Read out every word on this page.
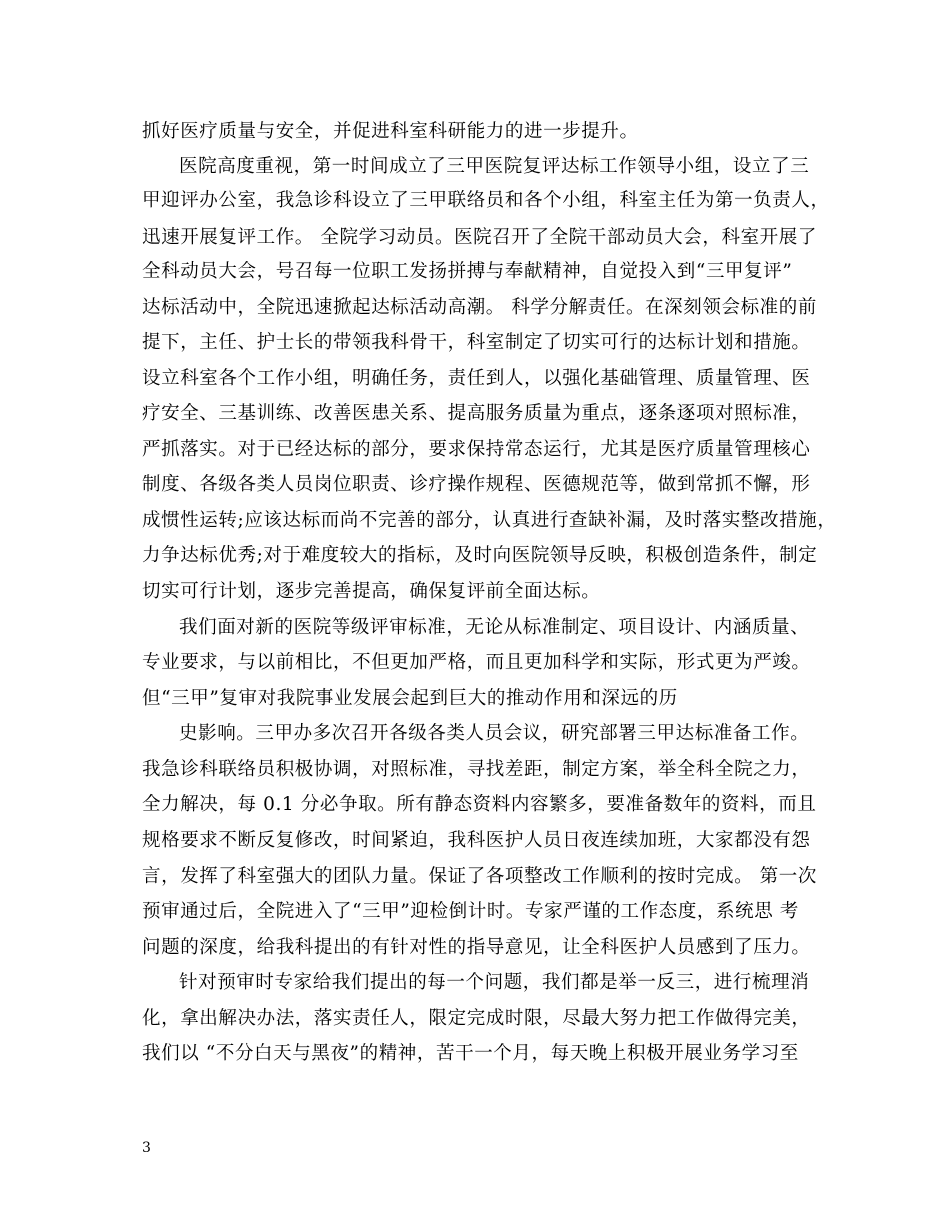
抓好医疗质量与安全，并促进科室科研能力的进一步提升。
医院高度重视，第一时间成立了三甲医院复评达标工作领导小组，设立了三
甲迎评办公室，我急诊科设立了三甲联络员和各个小组，科室主任为第一负责人，
迅速开展复评工作。 全院学习动员。医院召开了全院干部动员大会，科室开展了
全科动员大会，号召每一位职工发扬拼搏与奉献精神，自觉投入到“三甲复评”
达标活动中，全院迅速掀起达标活动高潮。 科学分解责任。在深刻领会标准的前
提下，主任、护士长的带领我科骨干，科室制定了切实可行的达标计划和措施。
设立科室各个工作小组，明确任务，责任到人，以强化基础管理、质量管理、医
疗安全、三基训练、改善医患关系、提高服务质量为重点，逐条逐项对照标准，
严抓落实。对于已经达标的部分，要求保持常态运行，尤其是医疗质量管理核心
制度、各级各类人员岗位职责、诊疗操作规程、医德规范等，做到常抓不懈，形
成惯性运转;应该达标而尚不完善的部分，认真进行查缺补漏，及时落实整改措施，
力争达标优秀;对于难度较大的指标，及时向医院领导反映，积极创造条件，制定
切实可行计划，逐步完善提高，确保复评前全面达标。
我们面对新的医院等级评审标准，无论从标准制定、项目设计、内涵质量、
专业要求，与以前相比，不但更加严格，而且更加科学和实际，形式更为严竣。
但“三甲”复审对我院事业发展会起到巨大的推动作用和深远的历
史影响。三甲办多次召开各级各类人员会议，研究部署三甲达标准备工作。
我急诊科联络员积极协调，对照标准，寻找差距，制定方案，举全科全院之力，
全力解决，每 0.1 分必争取。所有静态资料内容繁多，要准备数年的资料，而且
规格要求不断反复修改，时间紧迫，我科医护人员日夜连续加班，大家都没有怨
言，发挥了科室强大的团队力量。保证了各项整改工作顺利的按时完成。 第一次
预审通过后，全院进入了“三甲”迎检倒计时。专家严谨的工作态度，系统思 考
问题的深度，给我科提出的有针对性的指导意见，让全科医护人员感到了压力。
针对预审时专家给我们提出的每一个问题，我们都是举一反三，进行梳理消
化，拿出解决办法，落实责任人，限定完成时限，尽最大努力把工作做得完美，
我们以 “不分白天与黑夜”的精神，苦干一个月，每天晚上积极开展业务学习至
3
